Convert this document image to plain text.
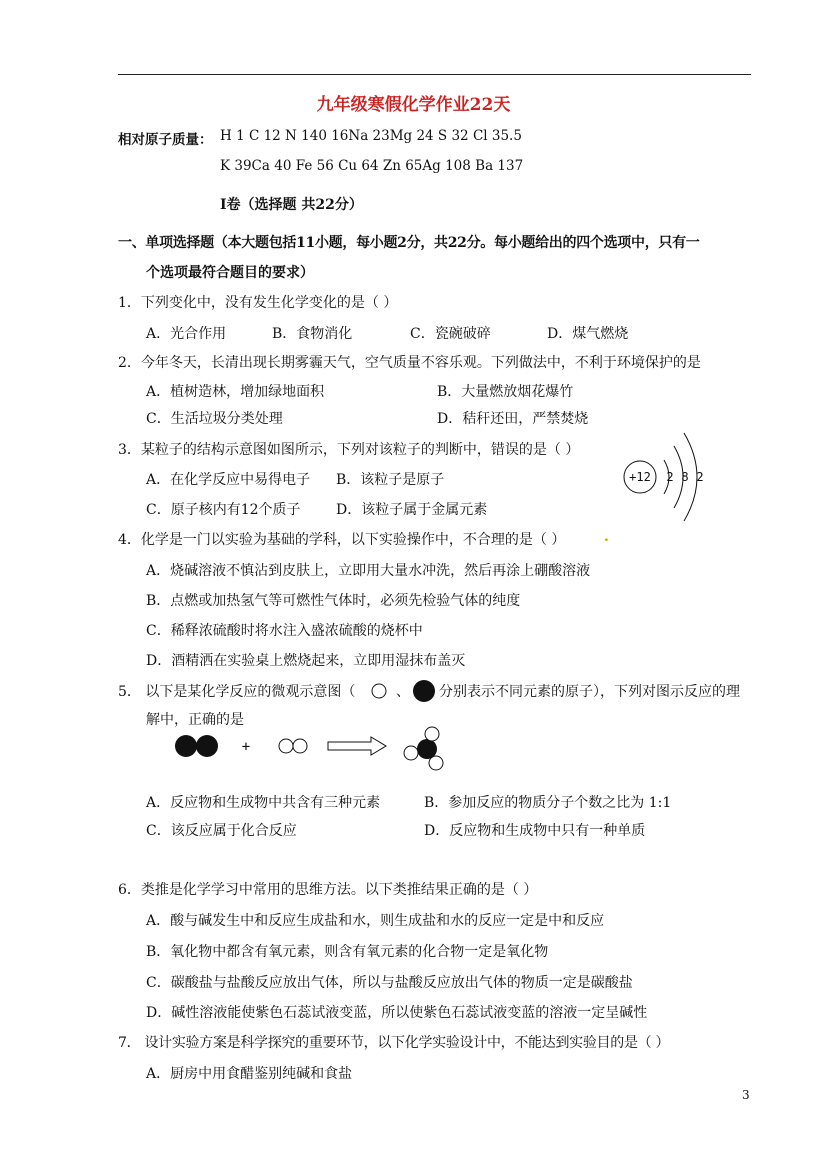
九年级寒假化学作业22天
相对原子质量： H 1 C 12 N 140 16Na 23Mg 24 S 32 Cl 35.5
K 39Ca 40 Fe 56 Cu 64 Zn 65Ag 108 Ba 137
I卷（选择题 共22分）
一、单项选择题（本大题包括11小题，每小题2分，共22分。每小题给出的四个选项中，只有一
个选项最符合题目的要求）
1．下列变化中，没有发生化学变化的是（ ）
A．光合作用	B．食物消化	C．瓷碗破碎	D．煤气燃烧
2．今年冬天，长清出现长期雾霾天气，空气质量不容乐观。下列做法中，不利于环境保护的是
A．植树造林，增加绿地面积	B．大量燃放烟花爆竹
C．生活垃圾分类处理	D．秸秆还田，严禁焚烧
3．某粒子的结构示意图如图所示，下列对该粒子的判断中，错误的是（ ）
A．在化学反应中易得电子 B．该粒子是原子
C．原子核内有12个质子	D．该粒子属于金属元素
+12 2 8 2
4．化学是一门以实验为基础的学科，以下实验操作中，不合理的是（ ）	.
A．烧碱溶液不慎沾到皮肤上，立即用大量水冲洗，然后再涂上硼酸溶液
B．点燃或加热氢气等可燃性气体时，必须先检验气体的纯度
C．稀释浓硫酸时将水注入盛浓硫酸的烧杯中
D．酒精洒在实验桌上燃烧起来，立即用湿抹布盖灭
5． 以下是某化学反应的微观示意图（	、 分别表示不同元素的原子），下列对图示反应的理
解中，正确的是
+
A．反应物和生成物中共含有三种元素	B．参加反应的物质分子个数之比为 1:1
C．该反应属于化合反应	D．反应物和生成物中只有一种单质
6．类推是化学学习中常用的思维方法。以下类推结果正确的是（ ）
A．酸与碱发生中和反应生成盐和水，则生成盐和水的反应一定是中和反应
B．氧化物中都含有氧元素，则含有氧元素的化合物一定是氧化物
C．碳酸盐与盐酸反应放出气体，所以与盐酸反应放出气体的物质一定是碳酸盐
D．碱性溶液能使紫色石蕊试液变蓝，所以使紫色石蕊试液变蓝的溶液一定呈碱性
7． 设计实验方案是科学探究的重要环节，以下化学实验设计中，不能达到实验目的是（ ）
A．厨房中用食醋鉴别纯碱和食盐
3
